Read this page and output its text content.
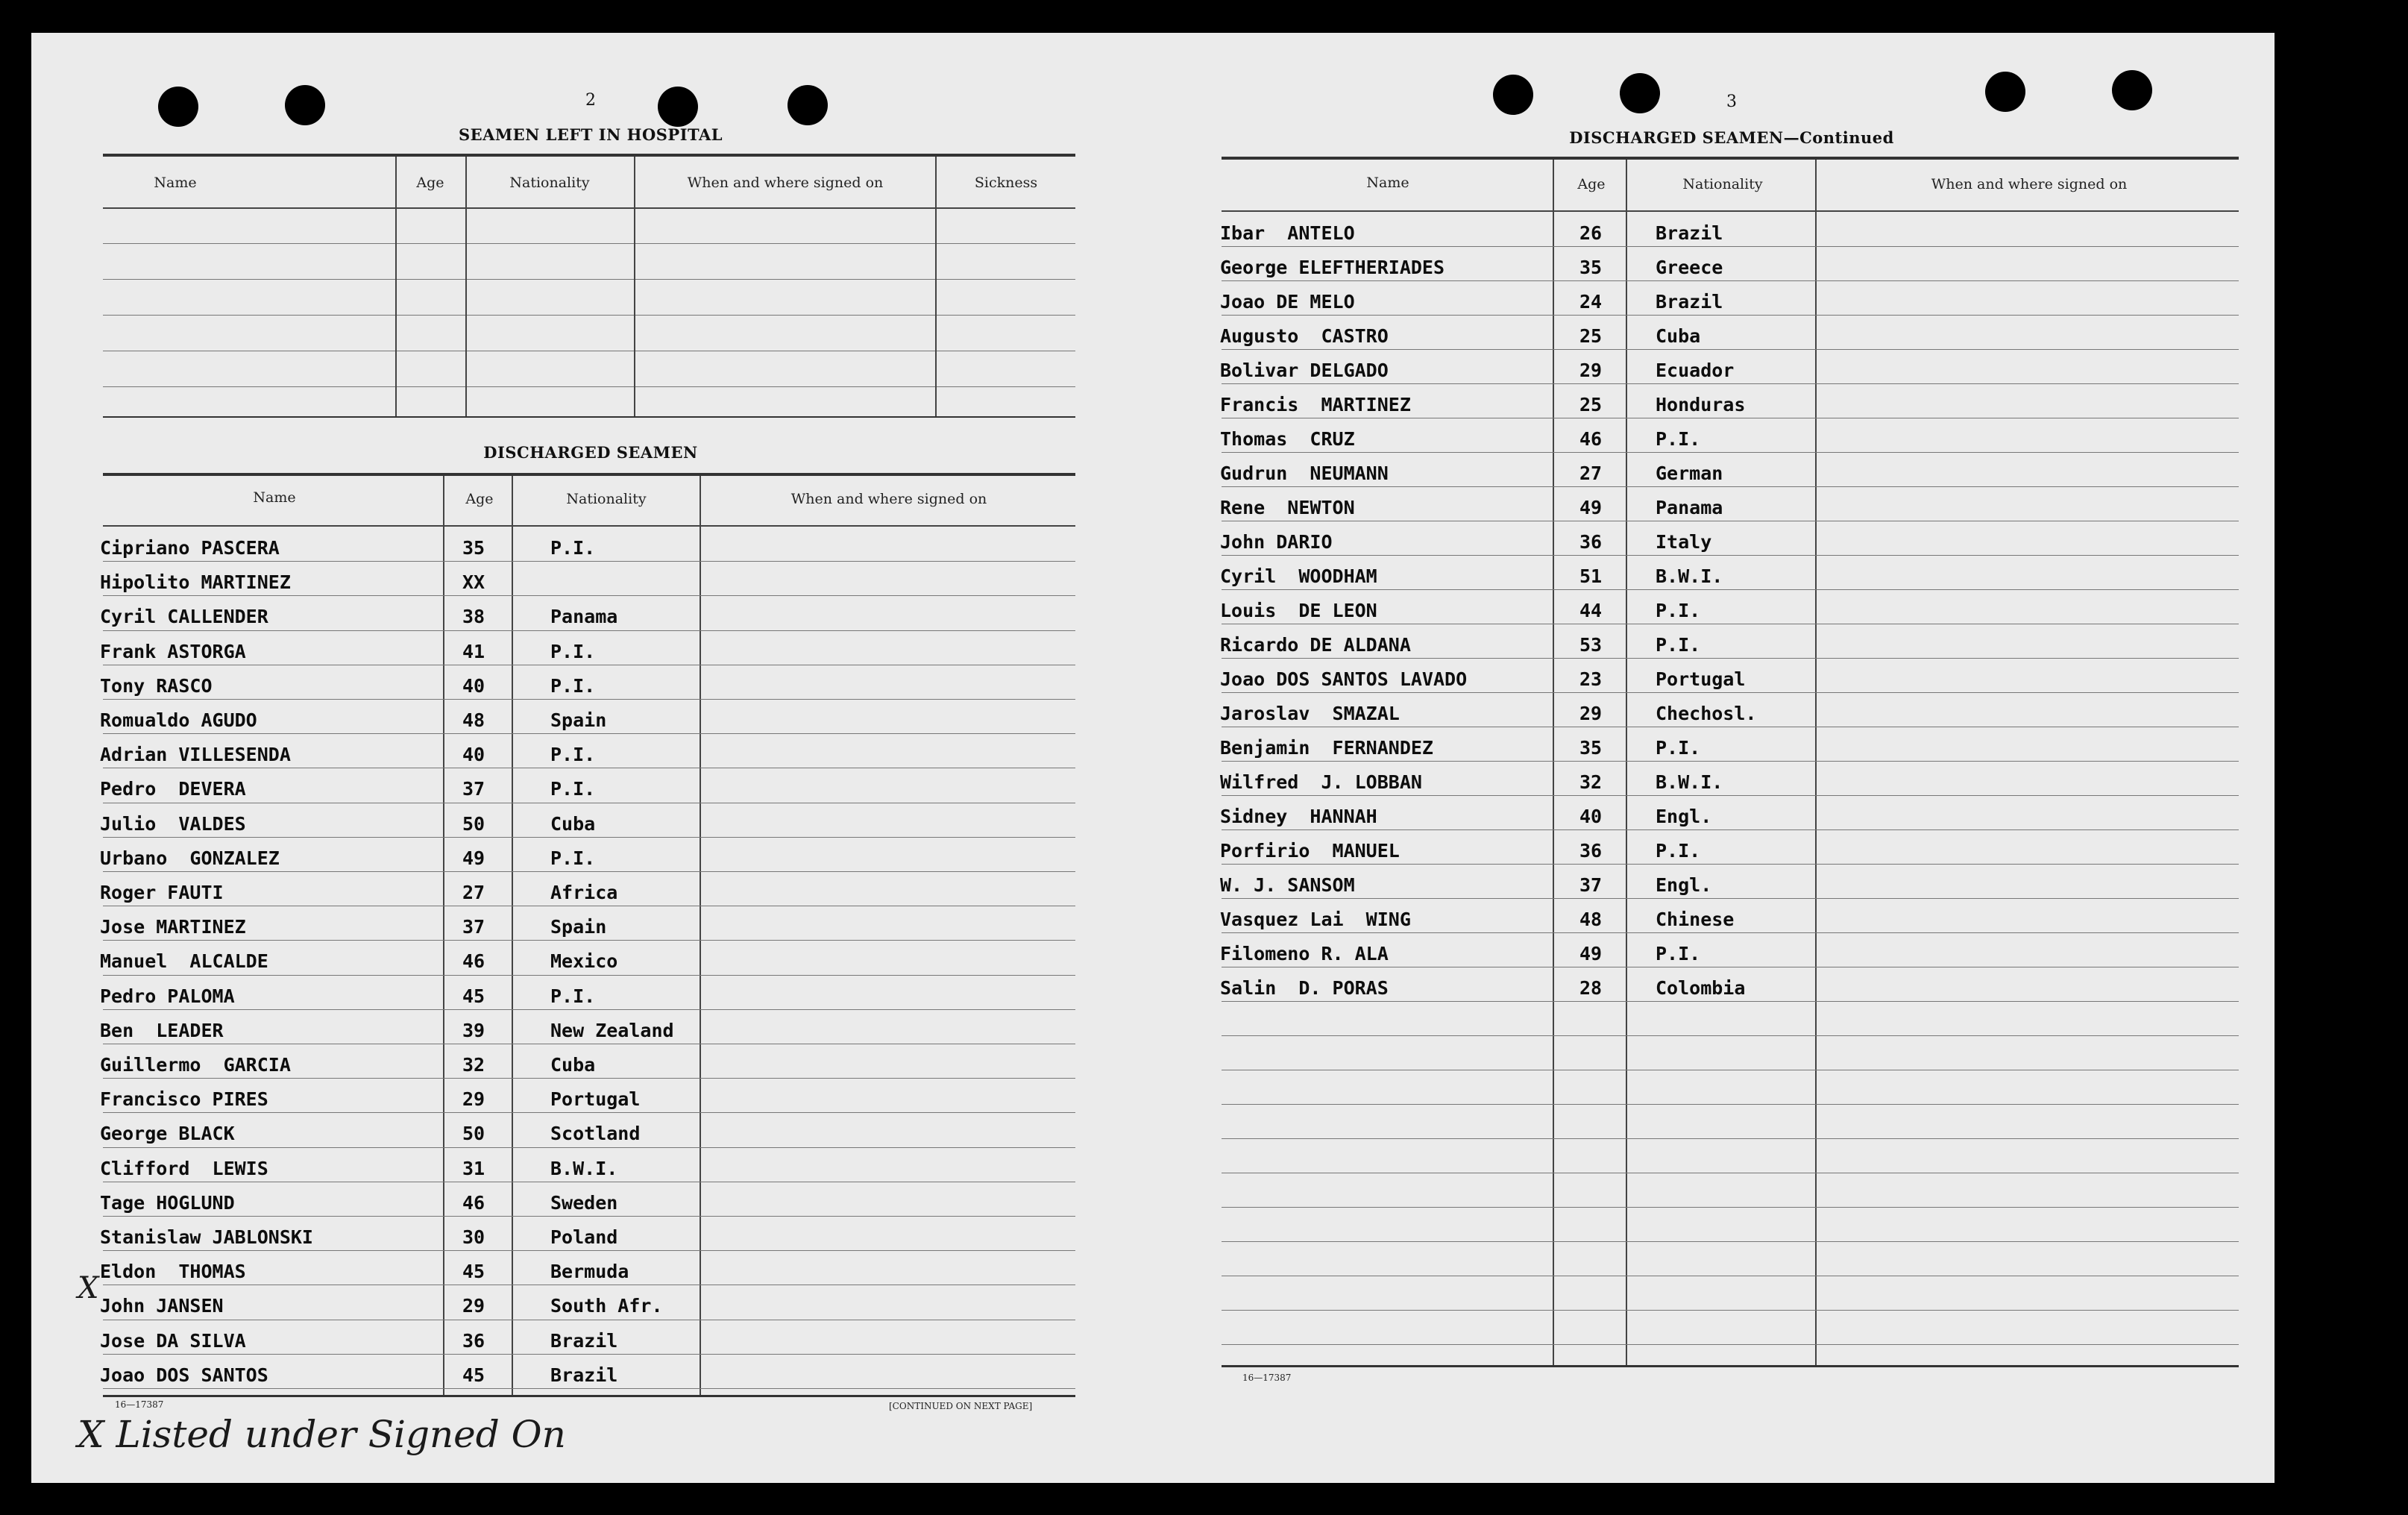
2
SEAMEN LEFT IN HOSPITAL
Name	Age	Nationality	When and where signed on	Sickness
DISCHARGED SEAMEN
Name	Age	Nationality	When and where signed on
Cipriano PASCERA	35	P.I.
Hipolito MARTINEZ	XX
Cyril CALLENDER	38	Panama
Frank ASTORGA	41	P.I.
Tony RASCO	40	P.I.
Romualdo AGUDO	48	Spain
Adrian VILLESENDA	40	P.I.
Pedro  DEVERA	37	P.I.
Julio  VALDES	50	Cuba
Urbano  GONZALEZ	49	P.I.
Roger FAUTI	27	Africa
Jose MARTINEZ	37	Spain
Manuel  ALCALDE	46	Mexico
Pedro PALOMA	45	P.I.
Ben  LEADER	39	New Zealand
Guillermo  GARCIA	32	Cuba
Francisco PIRES	29	Portugal
George BLACK	50	Scotland
Clifford  LEWIS	31	B.W.I.
Tage HOGLUND	46	Sweden
Stanislaw JABLONSKI	30	Poland
Eldon  THOMAS	45	Bermuda
John JANSEN	29	South Afr.
Jose DA SILVA	36	Brazil
Joao DOS SANTOS	45	Brazil
16—17387	[CONTINUED ON NEXT PAGE]
X
X Listed under Signed On
3
DISCHARGED SEAMEN—Continued
Name	Age	Nationality	When and where signed on
Ibar  ANTELO	26	Brazil
George ELEFTHERIADES	35	Greece
Joao DE MELO	24	Brazil
Augusto  CASTRO	25	Cuba
Bolivar DELGADO	29	Ecuador
Francis  MARTINEZ	25	Honduras
Thomas  CRUZ	46	P.I.
Gudrun  NEUMANN	27	German
Rene  NEWTON	49	Panama
John DARIO	36	Italy
Cyril  WOODHAM	51	B.W.I.
Louis  DE LEON	44	P.I.
Ricardo DE ALDANA	53	P.I.
Joao DOS SANTOS LAVADO	23	Portugal
Jaroslav  SMAZAL	29	Chechosl.
Benjamin  FERNANDEZ	35	P.I.
Wilfred  J. LOBBAN	32	B.W.I.
Sidney  HANNAH	40	Engl.
Porfirio  MANUEL	36	P.I.
W. J. SANSOM	37	Engl.
Vasquez Lai  WING	48	Chinese
Filomeno R. ALA	49	P.I.
Salin  D. PORAS	28	Colombia
16—17387
